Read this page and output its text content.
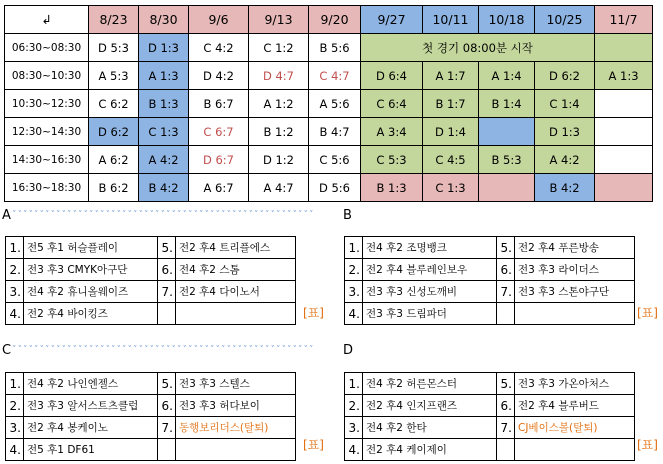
↲	8/23	8/30	9/6	9/13	9/20	9/27	10/11	10/18	10/25	11/7
06:30~08:30	D 5:3	D 1:3	C 4:2	C 1:2	B 5:6	첫 경기 08:00분 시작				
08:30~10:30	A 5:3	A 1:3	D 4:2	D 4:7	C 4:7	D 6:4	A 1:7	A 1:4	D 6:2	A 1:3
10:30~12:30	C 6:2	B 1:3	B 6:7	A 1:2	A 5:6	C 6:4	B 1:7	B 1:4	C 1:4	
12:30~14:30	D 6:2	C 1:3	C 6:7	B 1:2	B 4:7	A 3:4	D 1:4		D 1:3	
14:30~16:30	A 6:2	A 4:2	D 6:7	D 1:2	C 5:6	C 5:3	C 4:5	B 5:3	A 4:2	
16:30~18:30	B 6:2	B 4:2	A 6:7	A 4:7	D 5:6	B 1:3	C 1:3		B 4:2	
A ˅˅˅˅˅˅˅˅˅˅˅˅˅˅˅˅˅˅˅˅˅˅˅˅˅˅˅˅˅˅˅˅˅˅˅˅˅˅˅˅˅˅˅˅˅˅˅˅˅˅˅˅˅˅˅	B
C ˅˅˅˅˅˅˅˅˅˅˅˅˅˅˅˅˅˅˅˅˅˅˅˅˅˅˅˅˅˅˅˅˅˅˅˅˅˅˅˅˅˅˅˅˅˅˅˅˅˅˅˅˅˅˅	D
1.	전5 후1 허슬플레이	5.	전2 후4 트리플에스
2.	전3 후3 CMYK아구단	6.	전4 후2 스톰
3.	전4 후2 휴니올웨이즈	7.	전2 후4 다이노서
4.	전2 후4 바이킹즈			[표]
1.	전4 후2 조명뱅크	5.	전2 후4 푸른방송
2.	전2 후4 블루레인보우	6.	전3 후3 라이더스
3.	전3 후3 신성도깨비	7.	전3 후3 스톤야구단
4.	전3 후3 드림파더			[표]
1.	전4 후2 나인엔젤스	5.	전3 후3 스텔스
2.	전3 후3 알서스트츠클럽	6.	전3 후3 허다보이
3.	전2 후4 봉케이노	7.	동행보리더스(탈퇴)
4.	전5 후1 DF61			[표]
1.	전4 후2 허른몬스터	5.	전3 후3 가온아처스
2.	전2 후4 인지프랜즈	6.	전2 후4 블루버드
3.	전4 후2 한타	7.	CJ베이스볼(탈퇴)
4.	전2 후4 케이제이			[표]
